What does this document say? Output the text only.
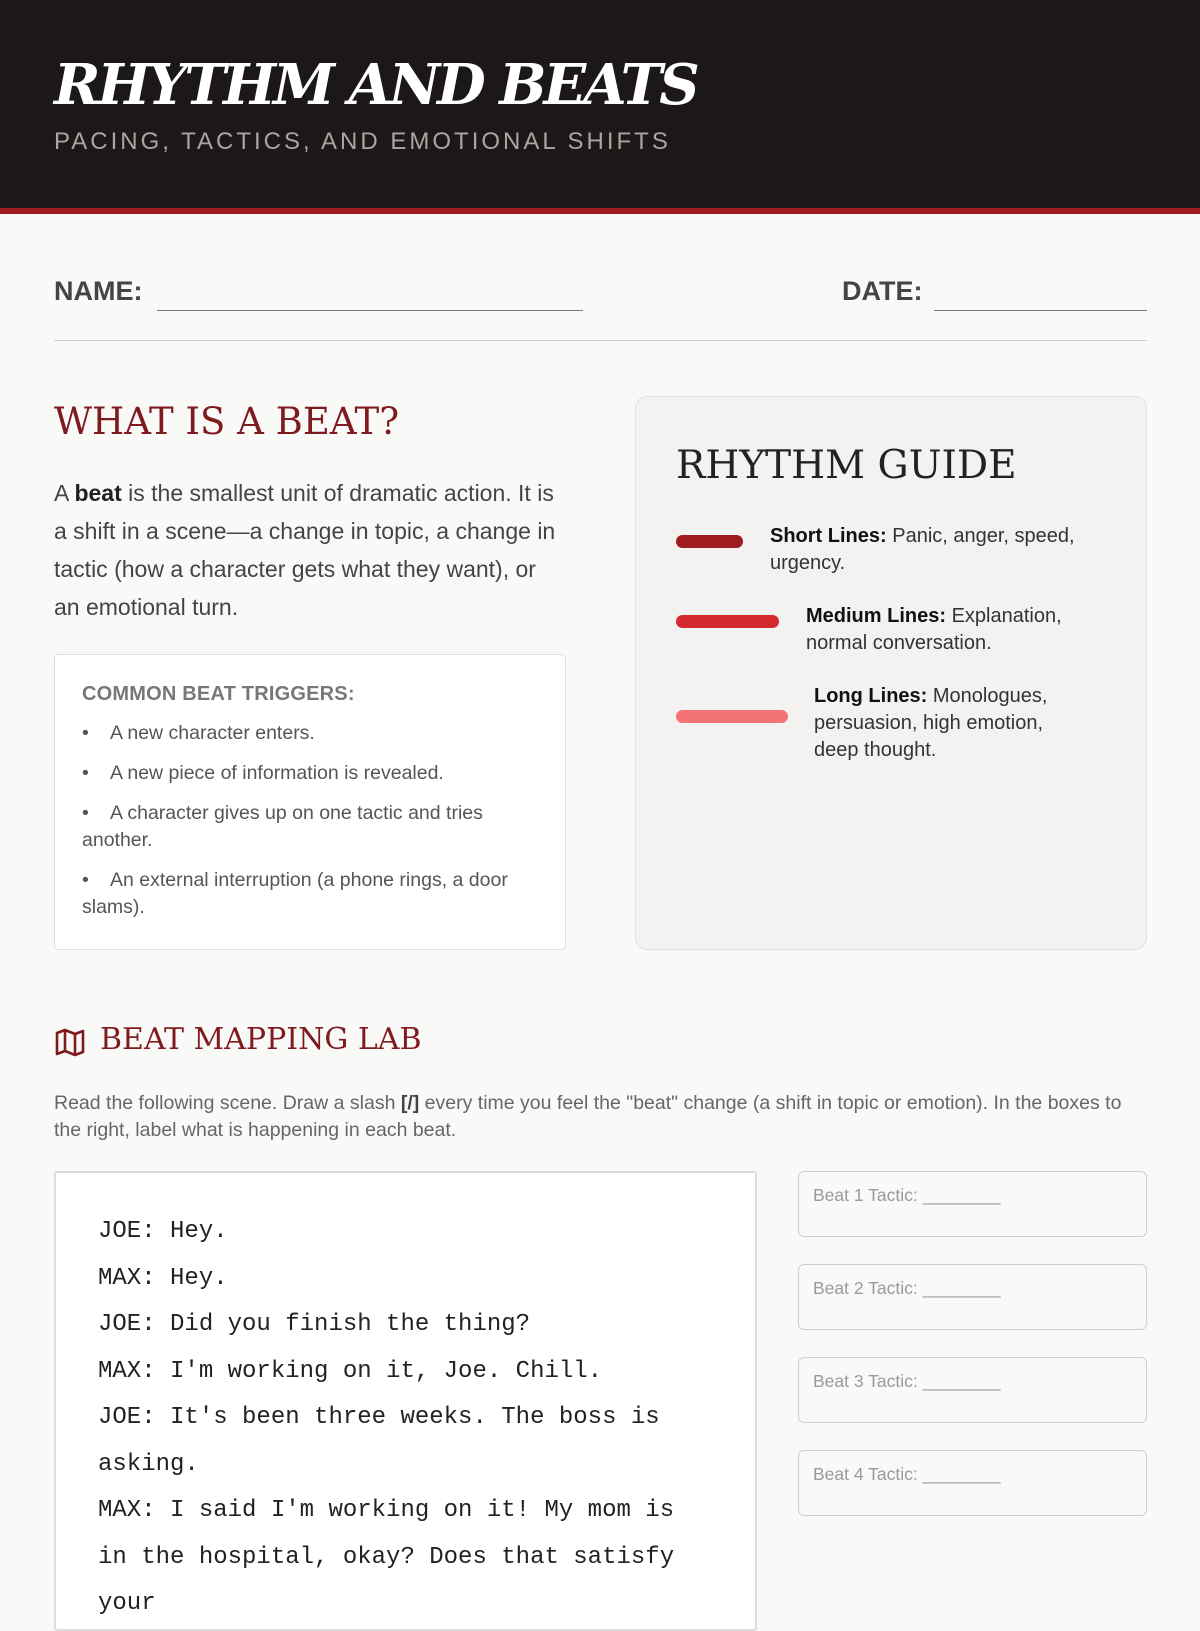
RHYTHM AND BEATS
PACING, TACTICS, AND EMOTIONAL SHIFTS
NAME:	DATE:
WHAT IS A BEAT?
A beat is the smallest unit of dramatic action. It is a shift in a scene—a change in topic, a change in tactic (how a character gets what they want), or an emotional turn.
COMMON BEAT TRIGGERS:
• A new character enters.
• A new piece of information is revealed.
• A character gives up on one tactic and tries another.
• An external interruption (a phone rings, a door slams).
RHYTHM GUIDE
Short Lines: Panic, anger, speed, urgency.
Medium Lines: Explanation, normal conversation.
Long Lines: Monologues, persuasion, high emotion, deep thought.
BEAT MAPPING LAB
Read the following scene. Draw a slash [/] every time you feel the "beat" change (a shift in topic or emotion). In the boxes to the right, label what is happening in each beat.
JOE: Hey.
MAX: Hey.
JOE: Did you finish the thing?
MAX: I'm working on it, Joe. Chill.
JOE: It's been three weeks. The boss is asking.
MAX: I said I'm working on it! My mom is in the hospital, okay? Does that satisfy your
Beat 1 Tactic: ________
Beat 2 Tactic: ________
Beat 3 Tactic: ________
Beat 4 Tactic: ________
